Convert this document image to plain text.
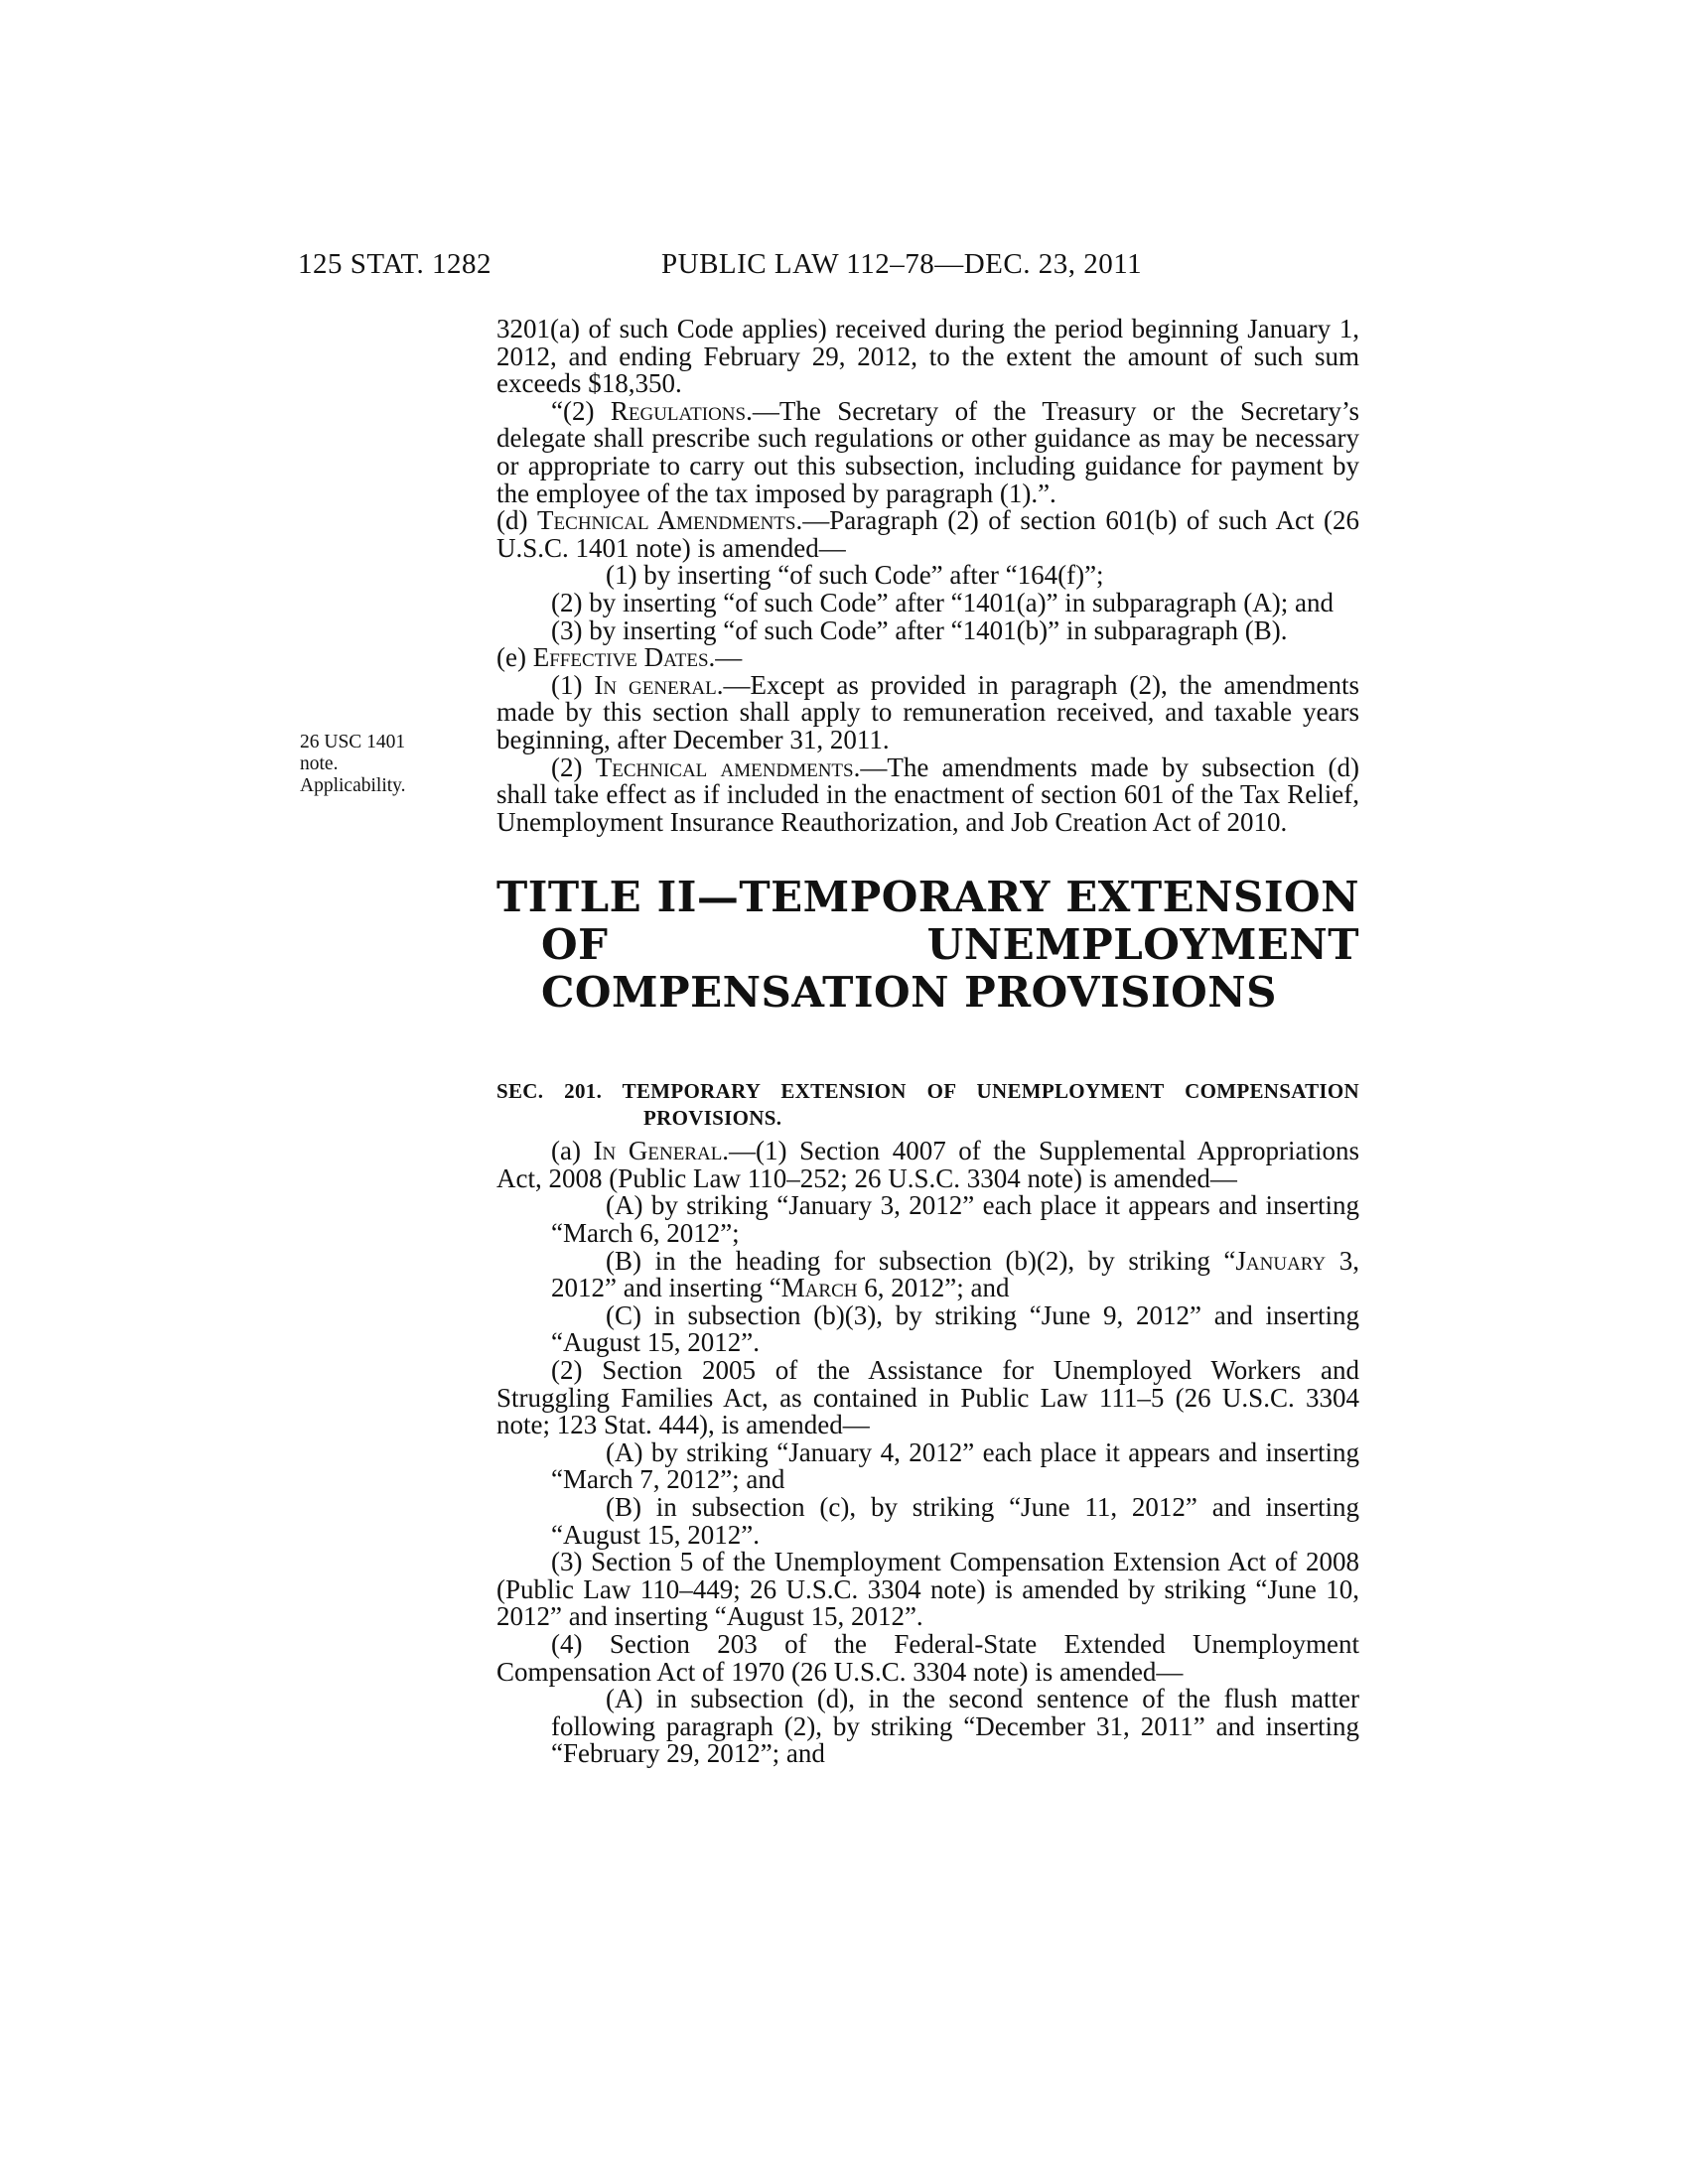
125 STAT. 1282	PUBLIC LAW 112–78—DEC. 23, 2011
26 USC 1401
note.
Applicability.

3201(a) of such Code applies) received during the period beginning January 1, 2012, and ending February 29, 2012, to the extent the amount of such sum exceeds $18,350.

“(2) Regulations.—The Secretary of the Treasury or the Secretary’s delegate shall prescribe such regulations or other guidance as may be necessary or appropriate to carry out this subsection, including guidance for payment by the employee of the tax imposed by paragraph (1).”.

(d) Technical Amendments.—Paragraph (2) of section 601(b) of such Act (26 U.S.C. 1401 note) is amended—

(1) by inserting “of such Code” after “164(f)”;

(2) by inserting “of such Code” after “1401(a)” in subparagraph (A); and

(3) by inserting “of such Code” after “1401(b)” in subparagraph (B).

(e) Effective Dates.—

(1) In general.—Except as provided in paragraph (2), the amendments made by this section shall apply to remuneration received, and taxable years beginning, after December 31, 2011.

(2) Technical amendments.—The amendments made by subsection (d) shall take effect as if included in the enactment of section 601 of the Tax Relief, Unemployment Insurance Reauthorization, and Job Creation Act of 2010.

TITLE II—TEMPORARY EXTENSION OF UNEMPLOYMENT COMPENSATION PROVISIONS

SEC. 201. TEMPORARY EXTENSION OF UNEMPLOYMENT COMPENSATION PROVISIONS.

(a) In General.—(1) Section 4007 of the Supplemental Appropriations Act, 2008 (Public Law 110–252; 26 U.S.C. 3304 note) is amended—

(A) by striking “January 3, 2012” each place it appears and inserting “March 6, 2012”;

(B) in the heading for subsection (b)(2), by striking “January 3, 2012” and inserting “March 6, 2012”; and

(C) in subsection (b)(3), by striking “June 9, 2012” and inserting “August 15, 2012”.

(2) Section 2005 of the Assistance for Unemployed Workers and Struggling Families Act, as contained in Public Law 111–5 (26 U.S.C. 3304 note; 123 Stat. 444), is amended—

(A) by striking “January 4, 2012” each place it appears and inserting “March 7, 2012”; and

(B) in subsection (c), by striking “June 11, 2012” and inserting “August 15, 2012”.

(3) Section 5 of the Unemployment Compensation Extension Act of 2008 (Public Law 110–449; 26 U.S.C. 3304 note) is amended by striking “June 10, 2012” and inserting “August 15, 2012”.

(4) Section 203 of the Federal-State Extended Unemployment Compensation Act of 1970 (26 U.S.C. 3304 note) is amended—

(A) in subsection (d), in the second sentence of the flush matter following paragraph (2), by striking “December 31, 2011” and inserting “February 29, 2012”; and
